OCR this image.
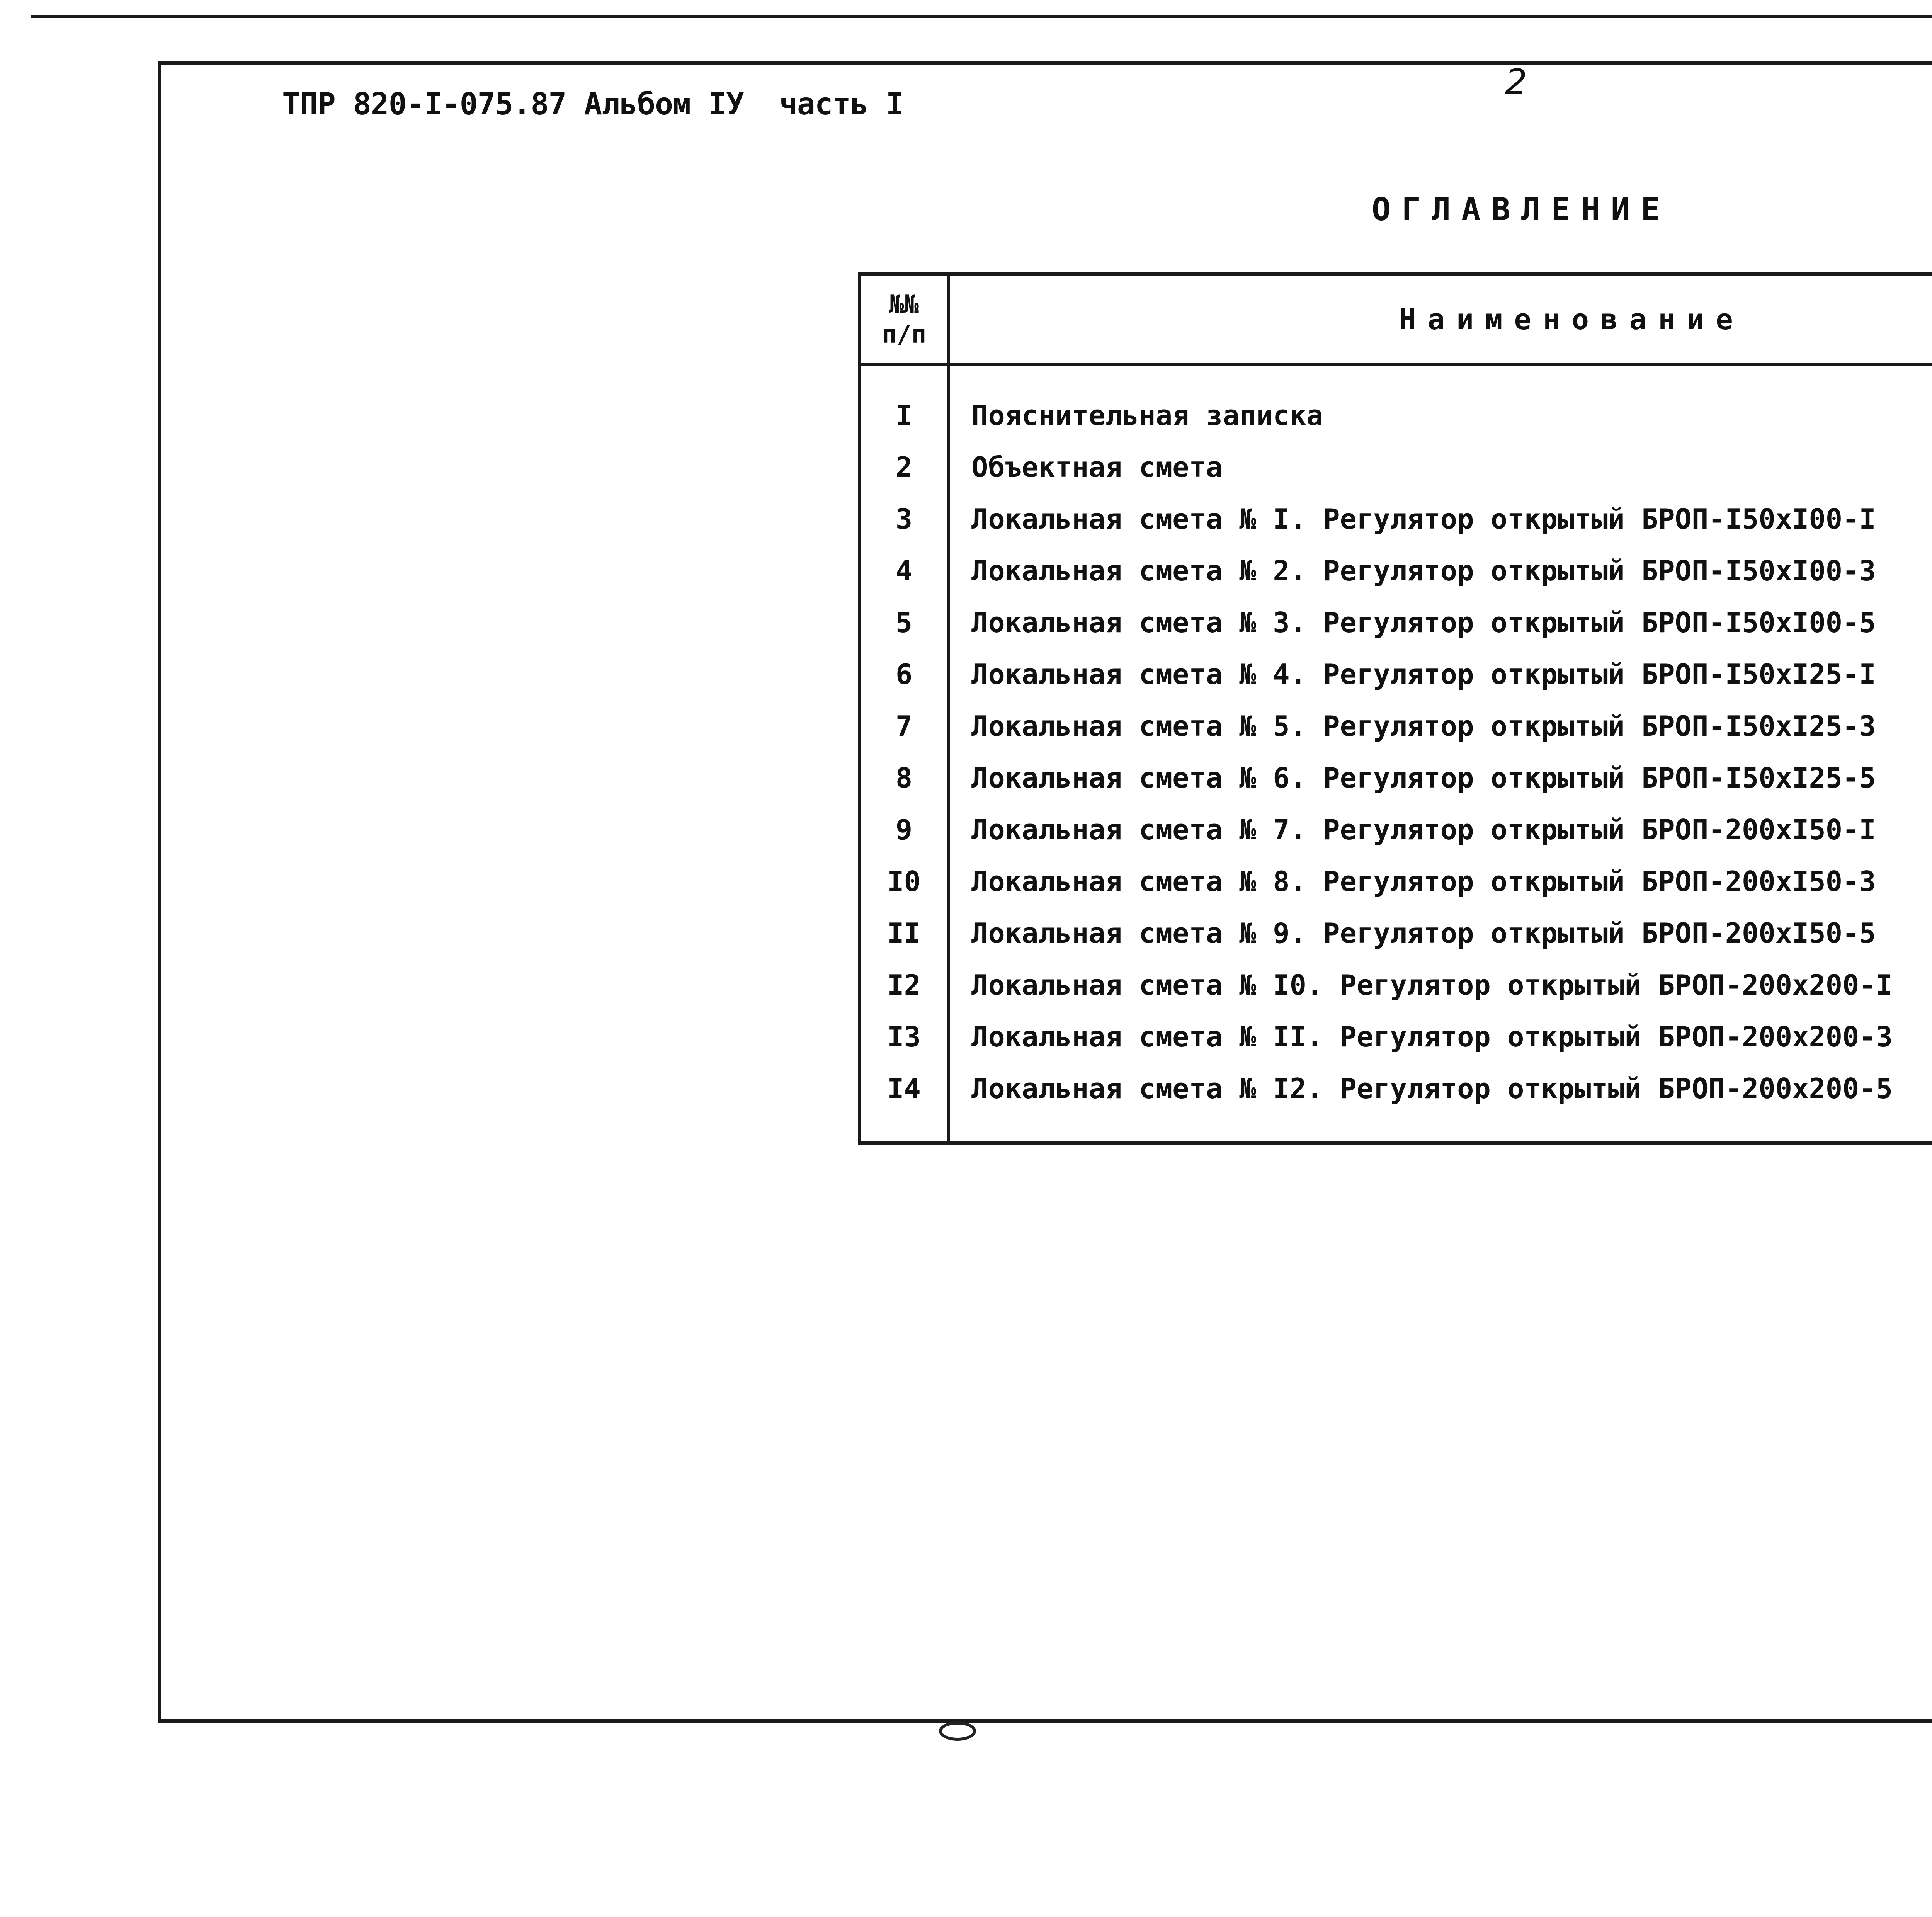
ТПР 820-I-075.87 Альбом IУ  часть I
2
ОГЛАВЛЕНИЕ
№№
п/п	Наименование	
I	Пояснительная записка	
2	Объектная смета	
3	Локальная смета № I. Регулятор открытый БРОП-I50хI00-I	
4	Локальная смета № 2. Регулятор открытый БРОП-I50хI00-3	
5	Локальная смета № 3. Регулятор открытый БРОП-I50хI00-5	
6	Локальная смета № 4. Регулятор открытый БРОП-I50хI25-I	
7	Локальная смета № 5. Регулятор открытый БРОП-I50хI25-3	
8	Локальная смета № 6. Регулятор открытый БРОП-I50хI25-5	
9	Локальная смета № 7. Регулятор открытый БРОП-200хI50-I	
I0	Локальная смета № 8. Регулятор открытый БРОП-200хI50-3	
II	Локальная смета № 9. Регулятор открытый БРОП-200хI50-5	
I2	Локальная смета № I0. Регулятор открытый БРОП-200х200-I	
I3	Локальная смета № II. Регулятор открытый БРОП-200х200-3	
I4	Локальная смета № I2. Регулятор открытый БРОП-200х200-5	
